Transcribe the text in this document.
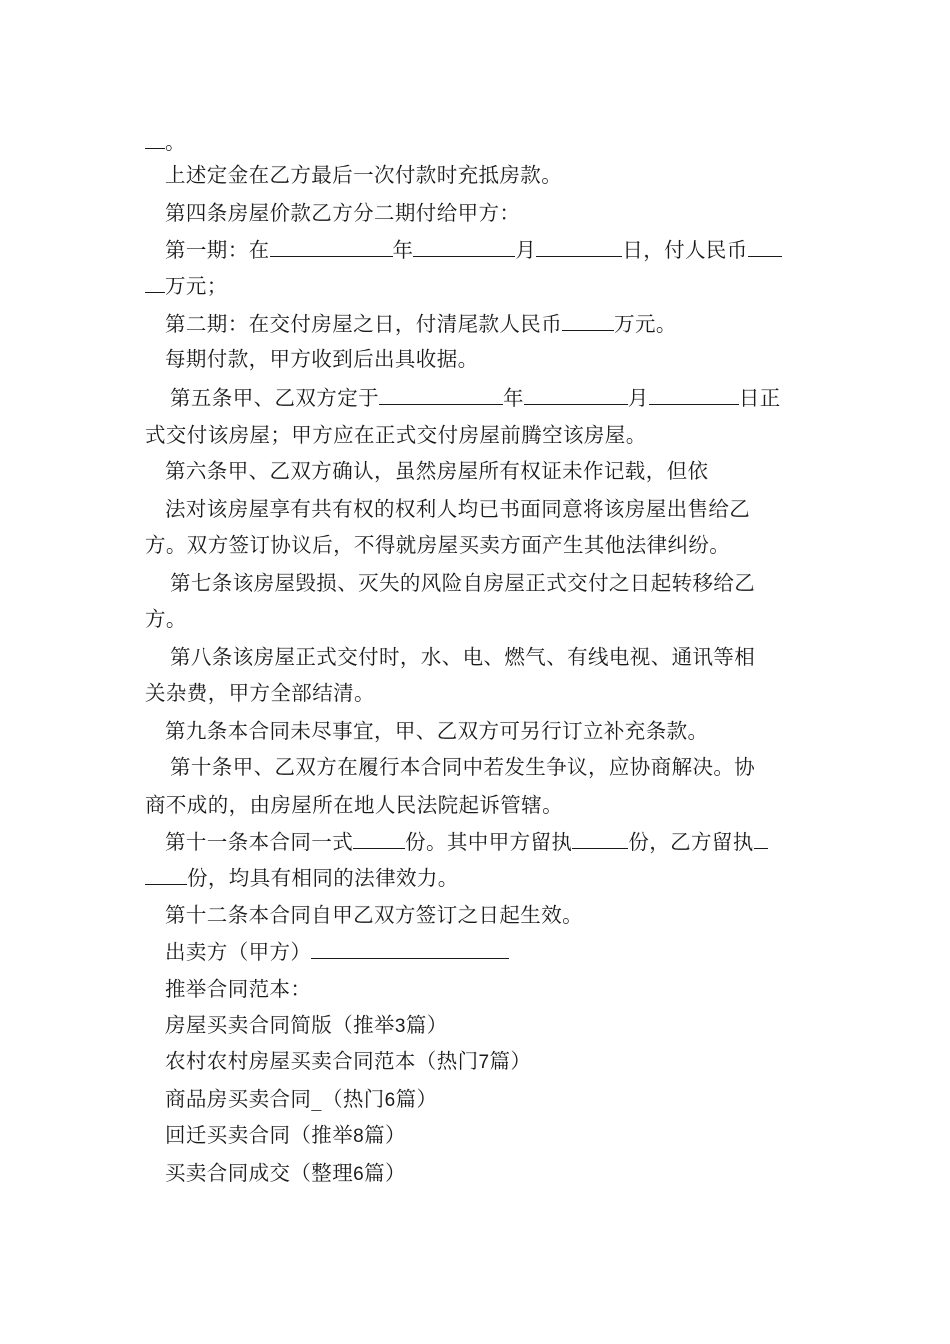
。
上述定金在乙方最后一次付款时充抵房款。
第四条房屋价款乙方分二期付给甲方：
第一期：在	年	月	日，付人民币
万元；
第二期：在交付房屋之日，付清尾款人民币	万元。
每期付款，甲方收到后出具收据。
第五条甲、乙双方定于	年	月	日正
式交付该房屋；甲方应在正式交付房屋前腾空该房屋。
第六条甲、乙双方确认，虽然房屋所有权证未作记载，但依
法对该房屋享有共有权的权利人均已书面同意将该房屋出售给乙
方。双方签订协议后，不得就房屋买卖方面产生其他法律纠纷。
第七条该房屋毁损、灭失的风险自房屋正式交付之日起转移给乙
方。
第八条该房屋正式交付时，水、电、燃气、有线电视、通讯等相
关杂费，甲方全部结清。
第九条本合同未尽事宜，甲、乙双方可另行订立补充条款。
第十条甲、乙双方在履行本合同中若发生争议，应协商解决。协
商不成的，由房屋所在地人民法院起诉管辖。
第十一条本合同一式	份。其中甲方留执	份，乙方留执
份，均具有相同的法律效力。
第十二条本合同自甲乙双方签订之日起生效。
出卖方（甲方）
推举合同范本：
房屋买卖合同简版（推举3篇）
农村农村房屋买卖合同范本（热门7篇）
商品房买卖合同_（热门6篇）
回迁买卖合同（推举8篇）
买卖合同成交（整理6篇）
